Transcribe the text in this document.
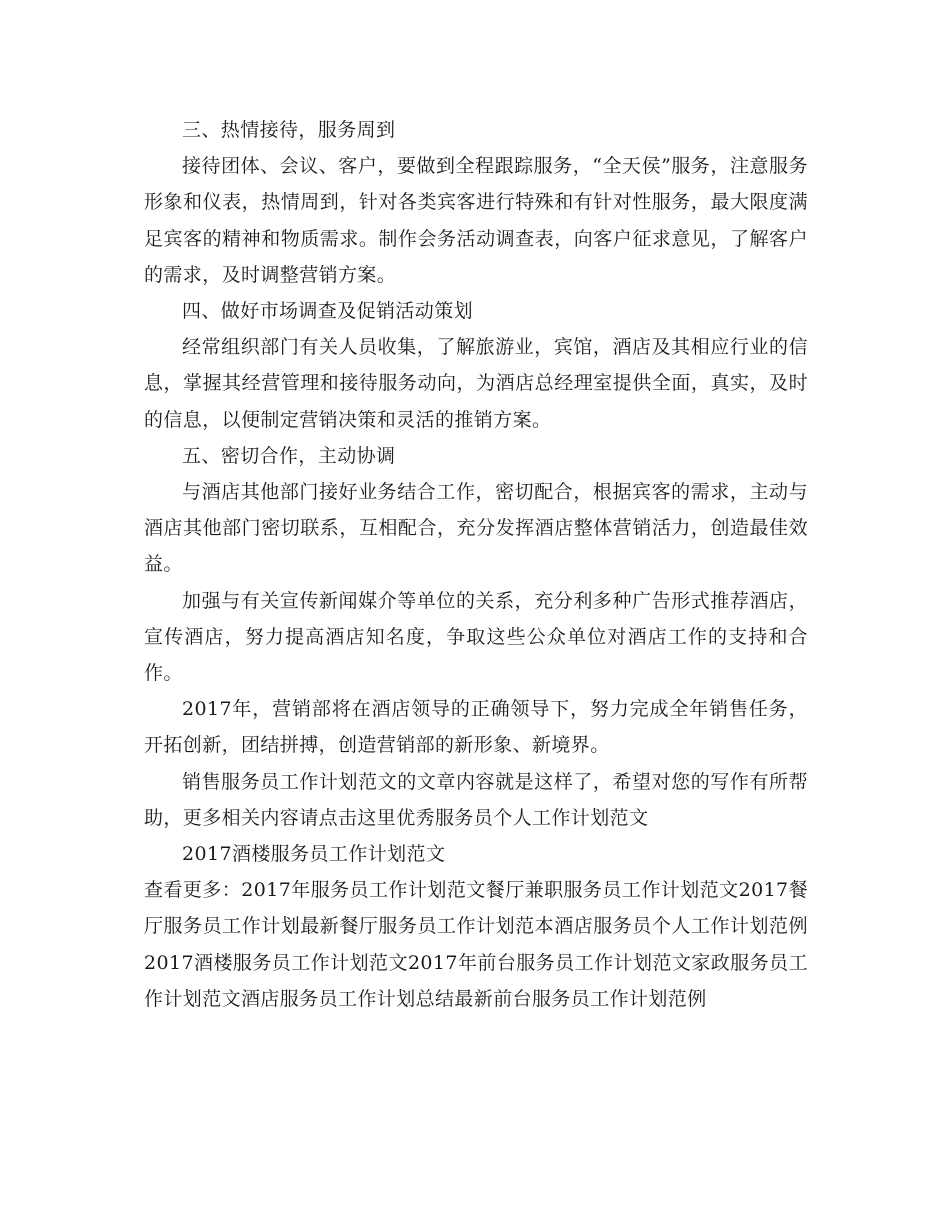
三、热情接待，服务周到

接待团体、会议、客户，要做到全程跟踪服务，“全天侯”服务，注意服务形象和仪表，热情周到，针对各类宾客进行特殊和有针对性服务，最大限度满足宾客的精神和物质需求。制作会务活动调查表，向客户征求意见，了解客户的需求，及时调整营销方案。

四、做好市场调查及促销活动策划

经常组织部门有关人员收集，了解旅游业，宾馆，酒店及其相应行业的信息，掌握其经营管理和接待服务动向，为酒店总经理室提供全面，真实，及时的信息，以便制定营销决策和灵活的推销方案。

五、密切合作，主动协调

与酒店其他部门接好业务结合工作，密切配合，根据宾客的需求，主动与酒店其他部门密切联系，互相配合，充分发挥酒店整体营销活力，创造最佳效益。

加强与有关宣传新闻媒介等单位的关系，充分利多种广告形式推荐酒店，宣传酒店，努力提高酒店知名度，争取这些公众单位对酒店工作的支持和合作。

2017年，营销部将在酒店领导的正确领导下，努力完成全年销售任务，开拓创新，团结拼搏，创造营销部的新形象、新境界。

销售服务员工作计划范文的文章内容就是这样了，希望对您的写作有所帮助，更多相关内容请点击这里优秀服务员个人工作计划范文

2017酒楼服务员工作计划范文

查看更多：2017年服务员工作计划范文餐厅兼职服务员工作计划范文2017餐厅服务员工作计划最新餐厅服务员工作计划范本酒店服务员个人工作计划范例2017酒楼服务员工作计划范文2017年前台服务员工作计划范文家政服务员工作计划范文酒店服务员工作计划总结最新前台服务员工作计划范例
